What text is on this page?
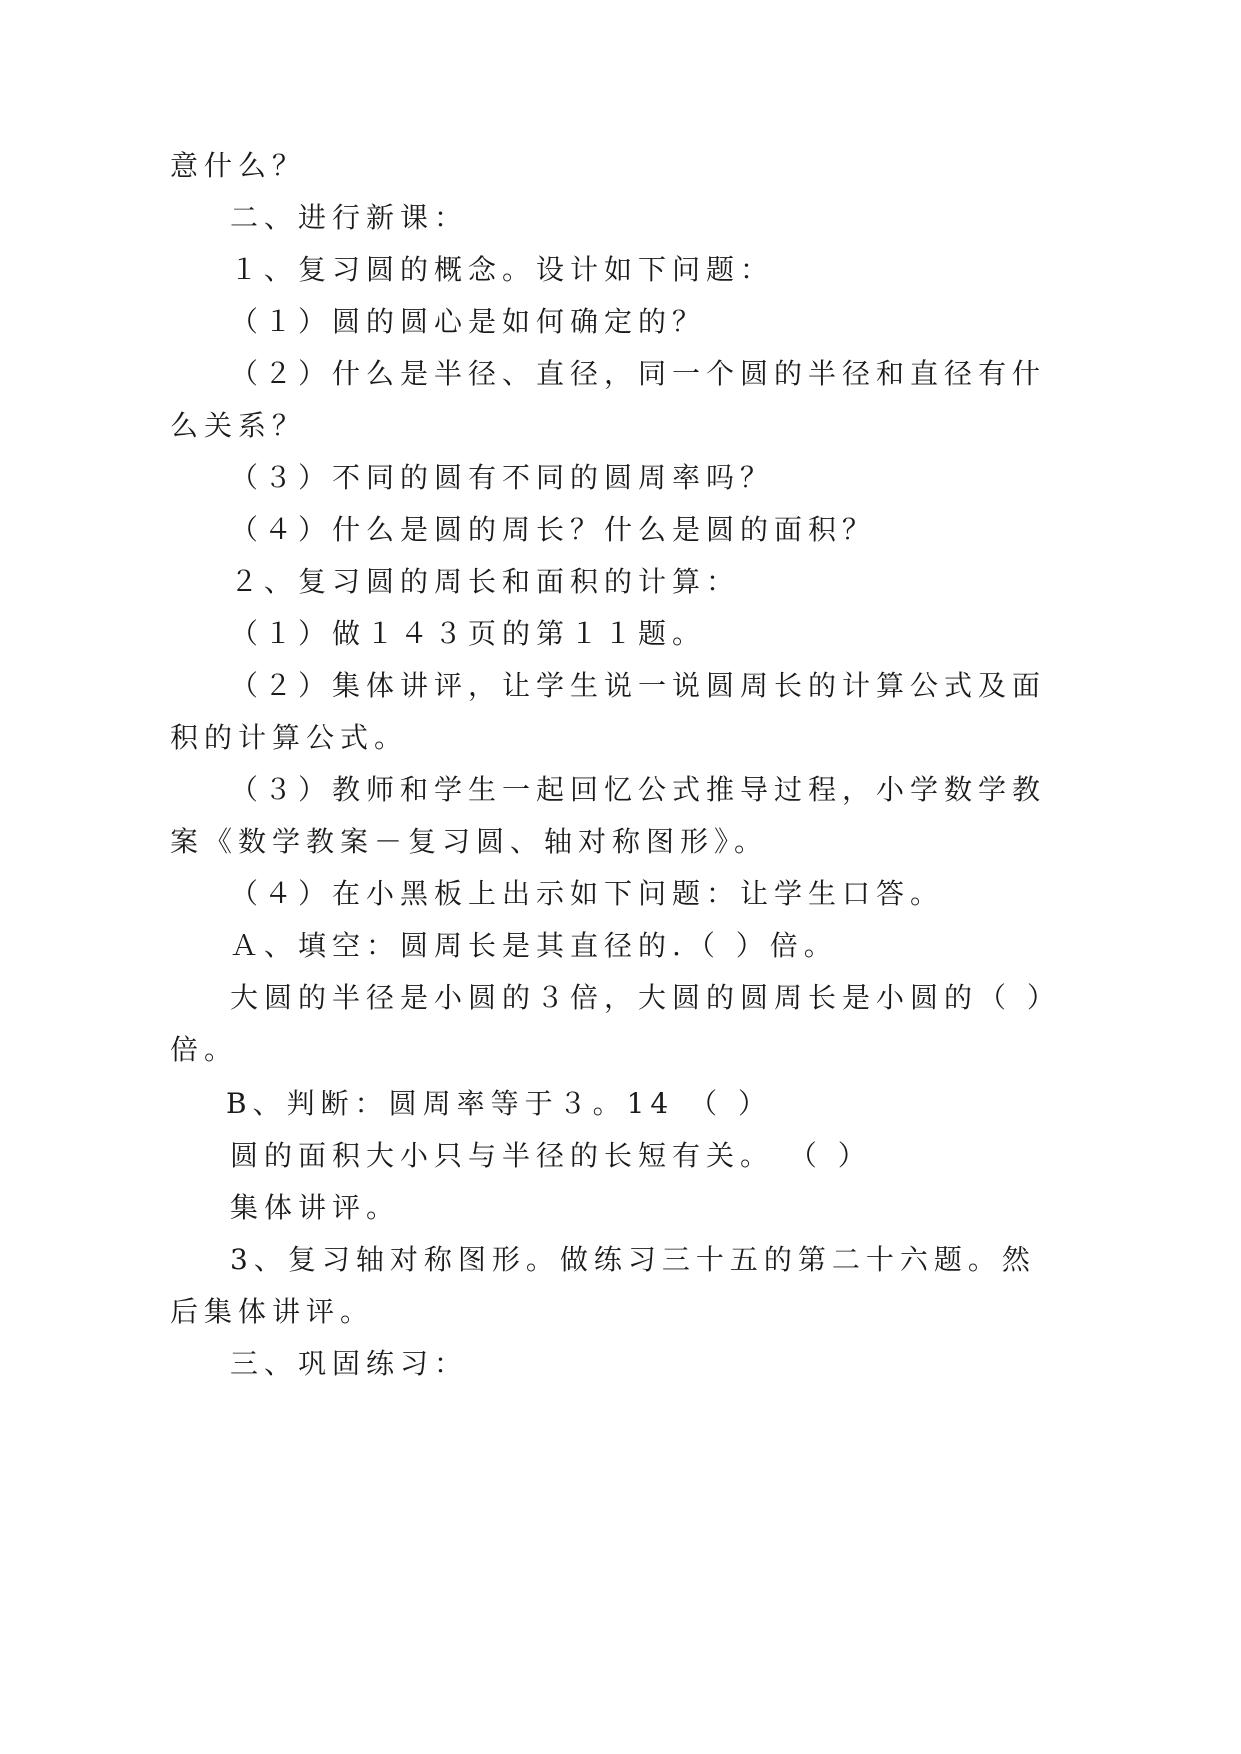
意什么？
二、进行新课：
１、复习圆的概念。设计如下问题：
（１）圆的圆心是如何确定的？
（２）什么是半径、直径，同一个圆的半径和直径有什
么关系？
（３）不同的圆有不同的圆周率吗？
（４）什么是圆的周长？什么是圆的面积？
２、复习圆的周长和面积的计算：
（１）做１４３页的第１１题。
（２）集体讲评，让学生说一说圆周长的计算公式及面
积的计算公式。
（３）教师和学生一起回忆公式推导过程，小学数学教
案《数学教案－复习圆、轴对称图形》。
（４）在小黑板上出示如下问题：让学生口答。
Ａ、填空：圆周长是其直径的.（ ）倍。
大圆的半径是小圆的３倍，大圆的圆周长是小圆的（ ）
倍。
B、判断：圆周率等于３。14 （ ）
圆的面积大小只与半径的长短有关。 （ ）
集体讲评。
3、复习轴对称图形。做练习三十五的第二十六题。然
后集体讲评。
三、巩固练习：
